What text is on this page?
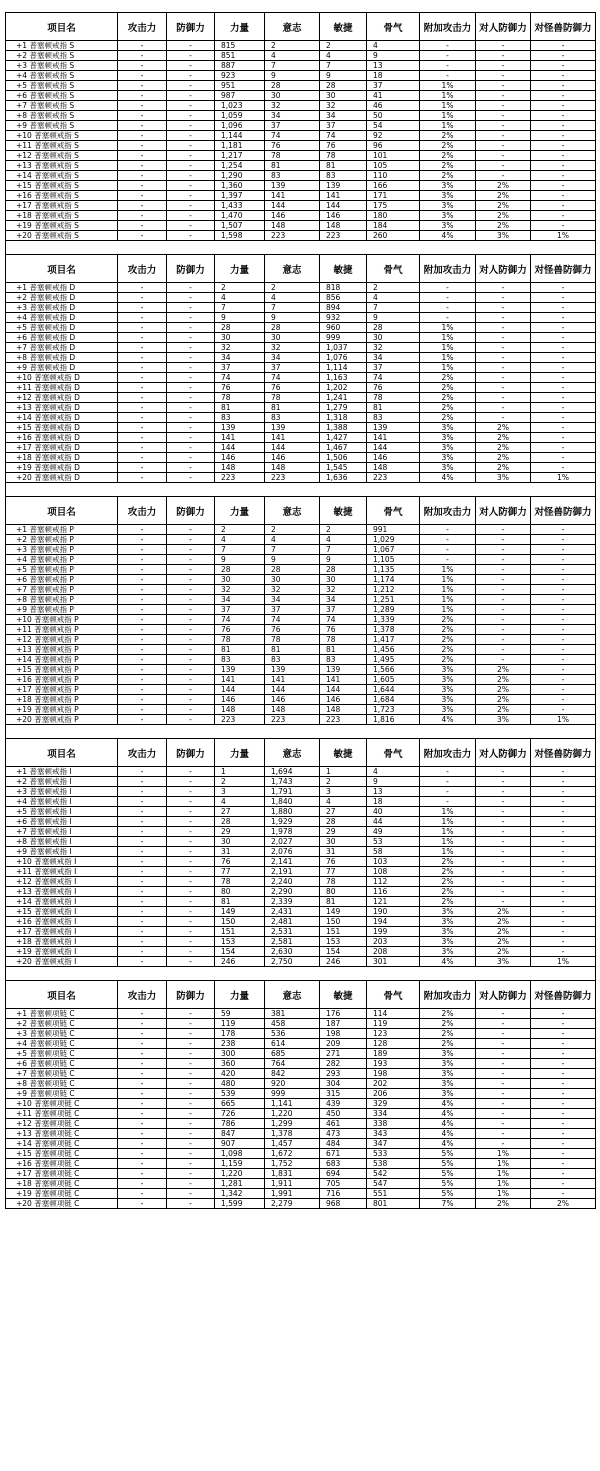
项目名	攻击力	防御力	力量	意志	敏捷	骨气	附加攻击力	对人防御力	对怪兽防御力
+1 普塞顿戒指 S	-	-	815	2	2	4	-	-	-
+2 普塞顿戒指 S	-	-	851	4	4	9	-	-	-
+3 普塞顿戒指 S	-	-	887	7	7	13	-	-	-
+4 普塞顿戒指 S	-	-	923	9	9	18	-	-	-
+5 普塞顿戒指 S	-	-	951	28	28	37	1%	-	-
+6 普塞顿戒指 S	-	-	987	30	30	41	1%	-	-
+7 普塞顿戒指 S	-	-	1,023	32	32	46	1%	-	-
+8 普塞顿戒指 S	-	-	1,059	34	34	50	1%	-	-
+9 普塞顿戒指 S	-	-	1,096	37	37	54	1%	-	-
+10 普塞顿戒指 S	-	-	1,144	74	74	92	2%	-	-
+11 普塞顿戒指 S	-	-	1,181	76	76	96	2%	-	-
+12 普塞顿戒指 S	-	-	1,217	78	78	101	2%	-	-
+13 普塞顿戒指 S	-	-	1,254	81	81	105	2%	-	-
+14 普塞顿戒指 S	-	-	1,290	83	83	110	2%	-	-
+15 普塞顿戒指 S	-	-	1,360	139	139	166	3%	2%	-
+16 普塞顿戒指 S	-	-	1,397	141	141	171	3%	2%	-
+17 普塞顿戒指 S	-	-	1,433	144	144	175	3%	2%	-
+18 普塞顿戒指 S	-	-	1,470	146	146	180	3%	2%	-
+19 普塞顿戒指 S	-	-	1,507	148	148	184	3%	2%	-
+20 普塞顿戒指 S	-	-	1,598	223	223	260	4%	3%	1%

项目名	攻击力	防御力	力量	意志	敏捷	骨气	附加攻击力	对人防御力	对怪兽防御力
+1 普塞顿戒指 D	-	-	2	2	818	2	-	-	-
+2 普塞顿戒指 D	-	-	4	4	856	4	-	-	-
+3 普塞顿戒指 D	-	-	7	7	894	7	-	-	-
+4 普塞顿戒指 D	-	-	9	9	932	9	-	-	-
+5 普塞顿戒指 D	-	-	28	28	960	28	1%	-	-
+6 普塞顿戒指 D	-	-	30	30	999	30	1%	-	-
+7 普塞顿戒指 D	-	-	32	32	1,037	32	1%	-	-
+8 普塞顿戒指 D	-	-	34	34	1,076	34	1%	-	-
+9 普塞顿戒指 D	-	-	37	37	1,114	37	1%	-	-
+10 普塞顿戒指 D	-	-	74	74	1,163	74	2%	-	-
+11 普塞顿戒指 D	-	-	76	76	1,202	76	2%	-	-
+12 普塞顿戒指 D	-	-	78	78	1,241	78	2%	-	-
+13 普塞顿戒指 D	-	-	81	81	1,279	81	2%	-	-
+14 普塞顿戒指 D	-	-	83	83	1,318	83	2%	-	-
+15 普塞顿戒指 D	-	-	139	139	1,388	139	3%	2%	-
+16 普塞顿戒指 D	-	-	141	141	1,427	141	3%	2%	-
+17 普塞顿戒指 D	-	-	144	144	1,467	144	3%	2%	-
+18 普塞顿戒指 D	-	-	146	146	1,506	146	3%	2%	-
+19 普塞顿戒指 D	-	-	148	148	1,545	148	3%	2%	-
+20 普塞顿戒指 D	-	-	223	223	1,636	223	4%	3%	1%

项目名	攻击力	防御力	力量	意志	敏捷	骨气	附加攻击力	对人防御力	对怪兽防御力
+1 普塞顿戒指 P	-	-	2	2	2	991	-	-	-
+2 普塞顿戒指 P	-	-	4	4	4	1,029	-	-	-
+3 普塞顿戒指 P	-	-	7	7	7	1,067	-	-	-
+4 普塞顿戒指 P	-	-	9	9	9	1,105	-	-	-
+5 普塞顿戒指 P	-	-	28	28	28	1,135	1%	-	-
+6 普塞顿戒指 P	-	-	30	30	30	1,174	1%	-	-
+7 普塞顿戒指 P	-	-	32	32	32	1,212	1%	-	-
+8 普塞顿戒指 P	-	-	34	34	34	1,251	1%	-	-
+9 普塞顿戒指 P	-	-	37	37	37	1,289	1%	-	-
+10 普塞顿戒指 P	-	-	74	74	74	1,339	2%	-	-
+11 普塞顿戒指 P	-	-	76	76	76	1,378	2%	-	-
+12 普塞顿戒指 P	-	-	78	78	78	1,417	2%	-	-
+13 普塞顿戒指 P	-	-	81	81	81	1,456	2%	-	-
+14 普塞顿戒指 P	-	-	83	83	83	1,495	2%	-	-
+15 普塞顿戒指 P	-	-	139	139	139	1,566	3%	2%	-
+16 普塞顿戒指 P	-	-	141	141	141	1,605	3%	2%	-
+17 普塞顿戒指 P	-	-	144	144	144	1,644	3%	2%	-
+18 普塞顿戒指 P	-	-	146	146	146	1,684	3%	2%	-
+19 普塞顿戒指 P	-	-	148	148	148	1,723	3%	2%	-
+20 普塞顿戒指 P	-	-	223	223	223	1,816	4%	3%	1%

项目名	攻击力	防御力	力量	意志	敏捷	骨气	附加攻击力	对人防御力	对怪兽防御力
+1 普塞顿戒指 I	-	-	1	1,694	1	4	-	-	-
+2 普塞顿戒指 I	-	-	2	1,743	2	9	-	-	-
+3 普塞顿戒指 I	-	-	3	1,791	3	13	-	-	-
+4 普塞顿戒指 I	-	-	4	1,840	4	18	-	-	-
+5 普塞顿戒指 I	-	-	27	1,880	27	40	1%	-	-
+6 普塞顿戒指 I	-	-	28	1,929	28	44	1%	-	-
+7 普塞顿戒指 I	-	-	29	1,978	29	49	1%	-	-
+8 普塞顿戒指 I	-	-	30	2,027	30	53	1%	-	-
+9 普塞顿戒指 I	-	-	31	2,076	31	58	1%	-	-
+10 普塞顿戒指 I	-	-	76	2,141	76	103	2%	-	-
+11 普塞顿戒指 I	-	-	77	2,191	77	108	2%	-	-
+12 普塞顿戒指 I	-	-	78	2,240	78	112	2%	-	-
+13 普塞顿戒指 I	-	-	80	2,290	80	116	2%	-	-
+14 普塞顿戒指 I	-	-	81	2,339	81	121	2%	-	-
+15 普塞顿戒指 I	-	-	149	2,431	149	190	3%	2%	-
+16 普塞顿戒指 I	-	-	150	2,481	150	194	3%	2%	-
+17 普塞顿戒指 I	-	-	151	2,531	151	199	3%	2%	-
+18 普塞顿戒指 I	-	-	153	2,581	153	203	3%	2%	-
+19 普塞顿戒指 I	-	-	154	2,630	154	208	3%	2%	-
+20 普塞顿戒指 I	-	-	246	2,750	246	301	4%	3%	1%

项目名	攻击力	防御力	力量	意志	敏捷	骨气	附加攻击力	对人防御力	对怪兽防御力
+1 普塞顿项链 C	-	-	59	381	176	114	2%	-	-
+2 普塞顿项链 C	-	-	119	458	187	119	2%	-	-
+3 普塞顿项链 C	-	-	178	536	198	123	2%	-	-
+4 普塞顿项链 C	-	-	238	614	209	128	2%	-	-
+5 普塞顿项链 C	-	-	300	685	271	189	3%	-	-
+6 普塞顿项链 C	-	-	360	764	282	193	3%	-	-
+7 普塞顿项链 C	-	-	420	842	293	198	3%	-	-
+8 普塞顿项链 C	-	-	480	920	304	202	3%	-	-
+9 普塞顿项链 C	-	-	539	999	315	206	3%	-	-
+10 普塞顿项链 C	-	-	665	1,141	439	329	4%	-	-
+11 普塞顿项链 C	-	-	726	1,220	450	334	4%	-	-
+12 普塞顿项链 C	-	-	786	1,299	461	338	4%	-	-
+13 普塞顿项链 C	-	-	847	1,378	473	343	4%	-	-
+14 普塞顿项链 C	-	-	907	1,457	484	347	4%	-	-
+15 普塞顿项链 C	-	-	1,098	1,672	671	533	5%	1%	-
+16 普塞顿项链 C	-	-	1,159	1,752	683	538	5%	1%	-
+17 普塞顿项链 C	-	-	1,220	1,831	694	542	5%	1%	-
+18 普塞顿项链 C	-	-	1,281	1,911	705	547	5%	1%	-
+19 普塞顿项链 C	-	-	1,342	1,991	716	551	5%	1%	-
+20 普塞顿项链 C	-	-	1,599	2,279	968	801	7%	2%	2%
